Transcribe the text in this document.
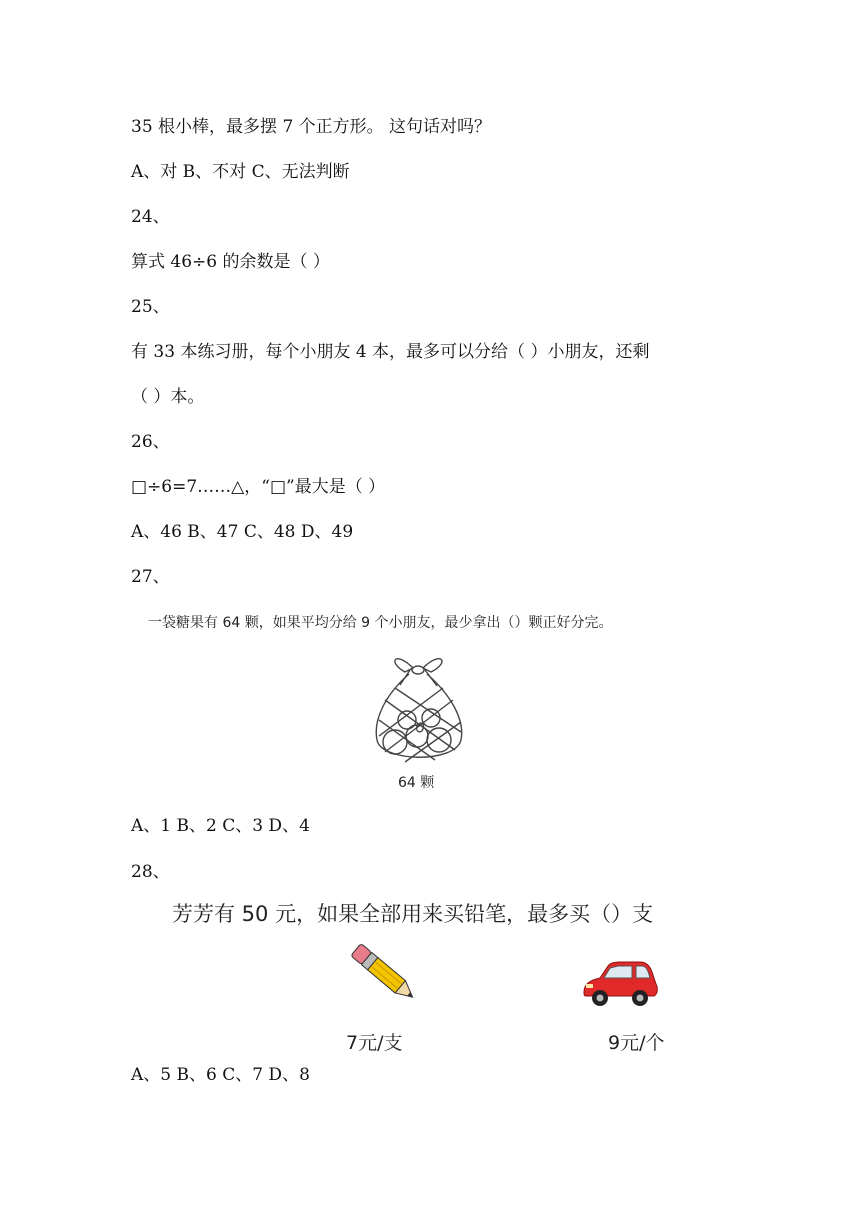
35 根小棒，最多摆 7 个正方形。 这句话对吗？
A、对 B、不对 C、无法判断
24、
算式 46÷6 的余数是（ ）
25、
有 33 本练习册，每个小朋友 4 本，最多可以分给（ ）小朋友，还剩
（ ）本。
26、
□÷6=7……△，“□”最大是（ ）
A、46 B、47 C、48 D、49
27、
一袋糖果有 64 颗，如果平均分给 9 个小朋友，最少拿出（）颗正好分完。
64 颗
A、1 B、2 C、3 D、4
28、
芳芳有 50 元，如果全部用来买铅笔，最多买（）支
7元/支	9元/个
A、5 B、6 C、7 D、8
